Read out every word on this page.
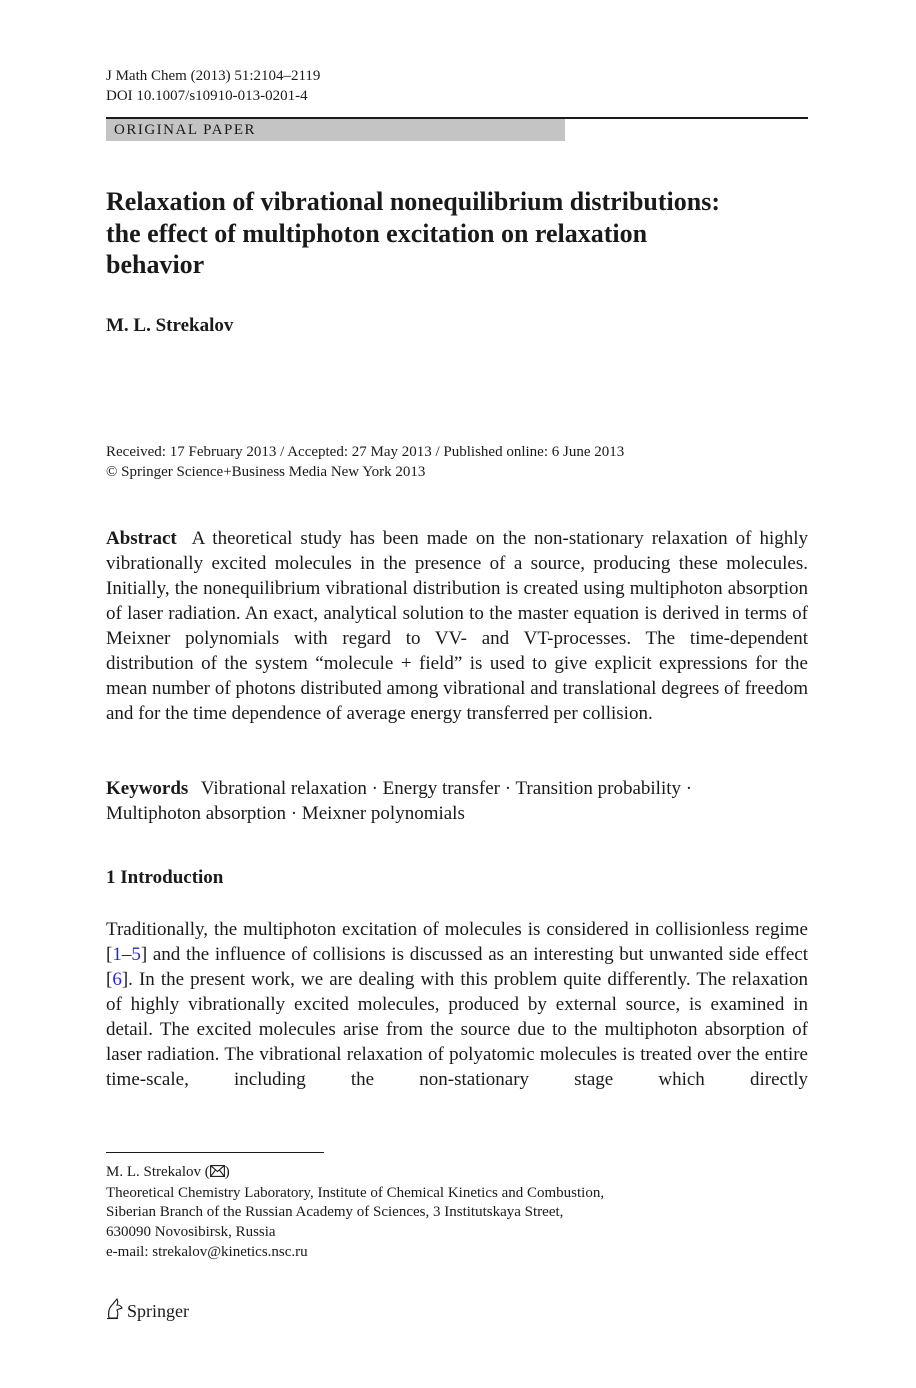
J Math Chem (2013) 51:2104–2119
DOI 10.1007/s10910-013-0201-4
ORIGINAL PAPER
Relaxation of vibrational nonequilibrium distributions:
the effect of multiphoton excitation on relaxation
behavior

M. L. Strekalov

Received: 17 February 2013 / Accepted: 27 May 2013 / Published online: 6 June 2013
© Springer Science+Business Media New York 2013

Abstract A theoretical study has been made on the non-stationary relaxation of highly vibrationally excited molecules in the presence of a source, producing these molecules. Initially, the nonequilibrium vibrational distribution is created using multiphoton absorption of laser radiation. An exact, analytical solution to the master equation is derived in terms of Meixner polynomials with regard to VV- and VT-processes. The time-dependent distribution of the system “molecule + field” is used to give explicit expressions for the mean number of photons distributed among vibrational and translational degrees of freedom and for the time dependence of average energy transferred per collision.

Keywords Vibrational relaxation · Energy transfer · Transition probability ·
Multiphoton absorption · Meixner polynomials

1 Introduction

Traditionally, the multiphoton excitation of molecules is considered in collisionless regime [1–5] and the influence of collisions is discussed as an interesting but unwanted side effect [6]. In the present work, we are dealing with this problem quite differently. The relaxation of highly vibrationally excited molecules, produced by external source, is examined in detail. The excited molecules arise from the source due to the multiphoton absorption of laser radiation. The vibrational relaxation of polyatomic molecules is treated over the entire time-scale, including the non-stationary stage which directly

M. L. Strekalov ( )
Theoretical Chemistry Laboratory, Institute of Chemical Kinetics and Combustion,
Siberian Branch of the Russian Academy of Sciences, 3 Institutskaya Street,
630090 Novosibirsk, Russia
e-mail: strekalov@kinetics.nsc.ru
Springer
